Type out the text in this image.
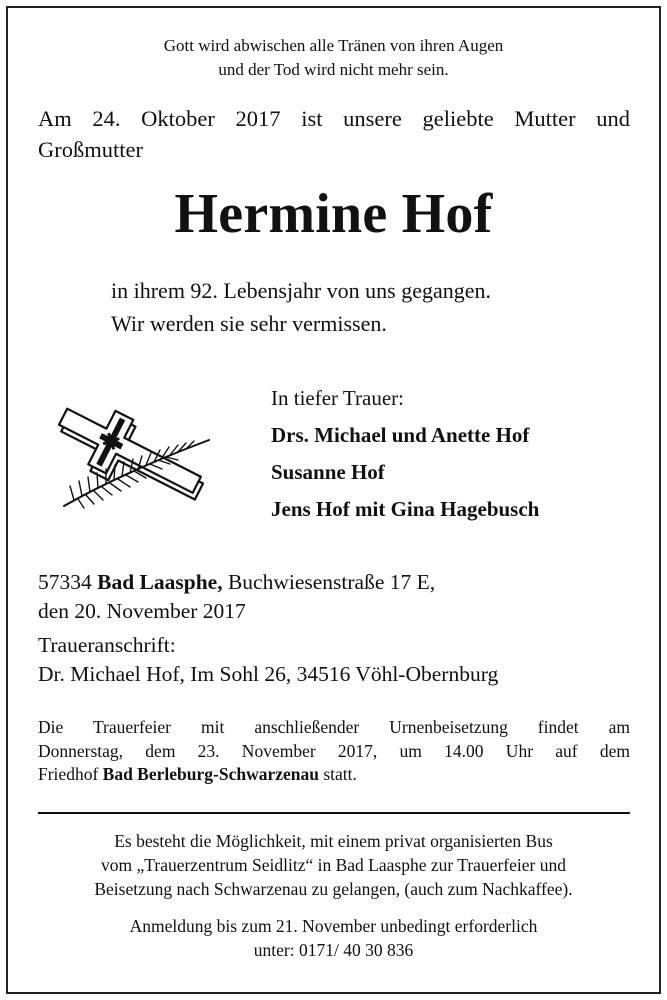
Gott wird abwischen alle Tränen von ihren Augen
und der Tod wird nicht mehr sein.
Am 24. Oktober 2017 ist unsere geliebte Mutter und
Großmutter
Hermine Hof
in ihrem 92. Lebensjahr von uns gegangen.
Wir werden sie sehr vermissen.
In tiefer Trauer:
Drs. Michael und Anette Hof
Susanne Hof
Jens Hof mit Gina Hagebusch
57334 Bad Laasphe, Buchwiesenstraße 17 E,
den 20. November 2017
Traueranschrift:
Dr. Michael Hof, Im Sohl 26, 34516 Vöhl-Obernburg
Die Trauerfeier mit anschließender Urnenbeisetzung findet am
Donnerstag, dem 23. November 2017, um 14.00 Uhr auf dem
Friedhof Bad Berleburg-Schwarzenau statt.
Es besteht die Möglichkeit, mit einem privat organisierten Bus
vom „Trauerzentrum Seidlitz“ in Bad Laasphe zur Trauerfeier und
Beisetzung nach Schwarzenau zu gelangen, (auch zum Nachkaffee).
Anmeldung bis zum 21. November unbedingt erforderlich
unter: 0171/ 40 30 836
